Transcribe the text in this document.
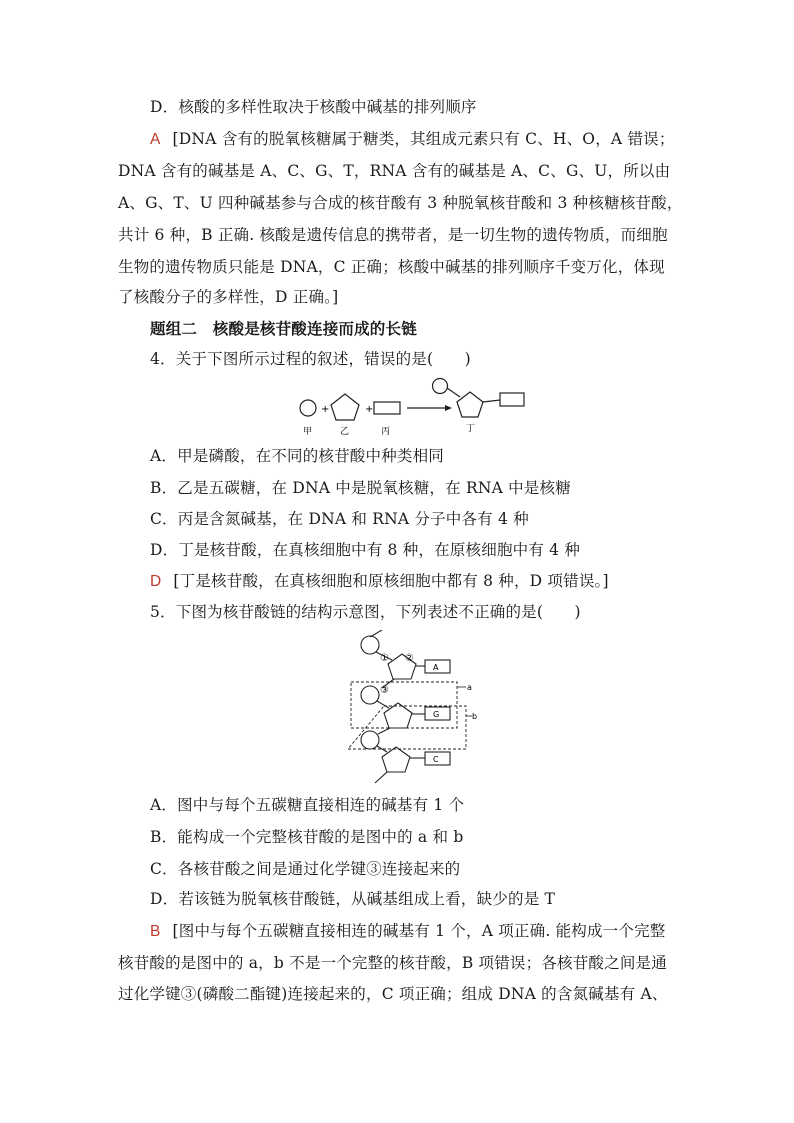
D．核酸的多样性取决于核酸中碱基的排列顺序
A [DNA 含有的脱氧核糖属于糖类，其组成元素只有 C、H、O，A 错误；
DNA 含有的碱基是 A、C、G、T，RNA 含有的碱基是 A、C、G、U，所以由
A、G、T、U 四种碱基参与合成的核苷酸有 3 种脱氧核苷酸和 3 种核糖核苷酸，
共计 6 种，B 正确. 核酸是遗传信息的携带者，是一切生物的遗传物质，而细胞
生物的遗传物质只能是 DNA，C 正确；核酸中碱基的排列顺序千变万化，体现
了核酸分子的多样性，D 正确。]
题组二　核酸是核苷酸连接而成的长链
4．关于下图所示过程的叙述，错误的是(　　)
+	+
甲	乙	丙	丁
A．甲是磷酸，在不同的核苷酸中种类相同
B．乙是五碳糖，在 DNA 中是脱氧核糖，在 RNA 中是核糖
C．丙是含氮碱基，在 DNA 和 RNA 分子中各有 4 种
D．丁是核苷酸，在真核细胞中有 8 种，在原核细胞中有 4 种
D [丁是核苷酸，在真核细胞和原核细胞中都有 8 种，D 项错误。]
5．下图为核苷酸链的结构示意图，下列表述不正确的是(　　)
① ②
A
a
③
G	b
C
A．图中与每个五碳糖直接相连的碱基有 1 个
B．能构成一个完整核苷酸的是图中的 a 和 b
C．各核苷酸之间是通过化学键③连接起来的
D．若该链为脱氧核苷酸链，从碱基组成上看，缺少的是 T
B [图中与每个五碳糖直接相连的碱基有 1 个，A 项正确. 能构成一个完整
核苷酸的是图中的 a，b 不是一个完整的核苷酸，B 项错误；各核苷酸之间是通
过化学键③(磷酸二酯键)连接起来的，C 项正确；组成 DNA 的含氮碱基有 A、
